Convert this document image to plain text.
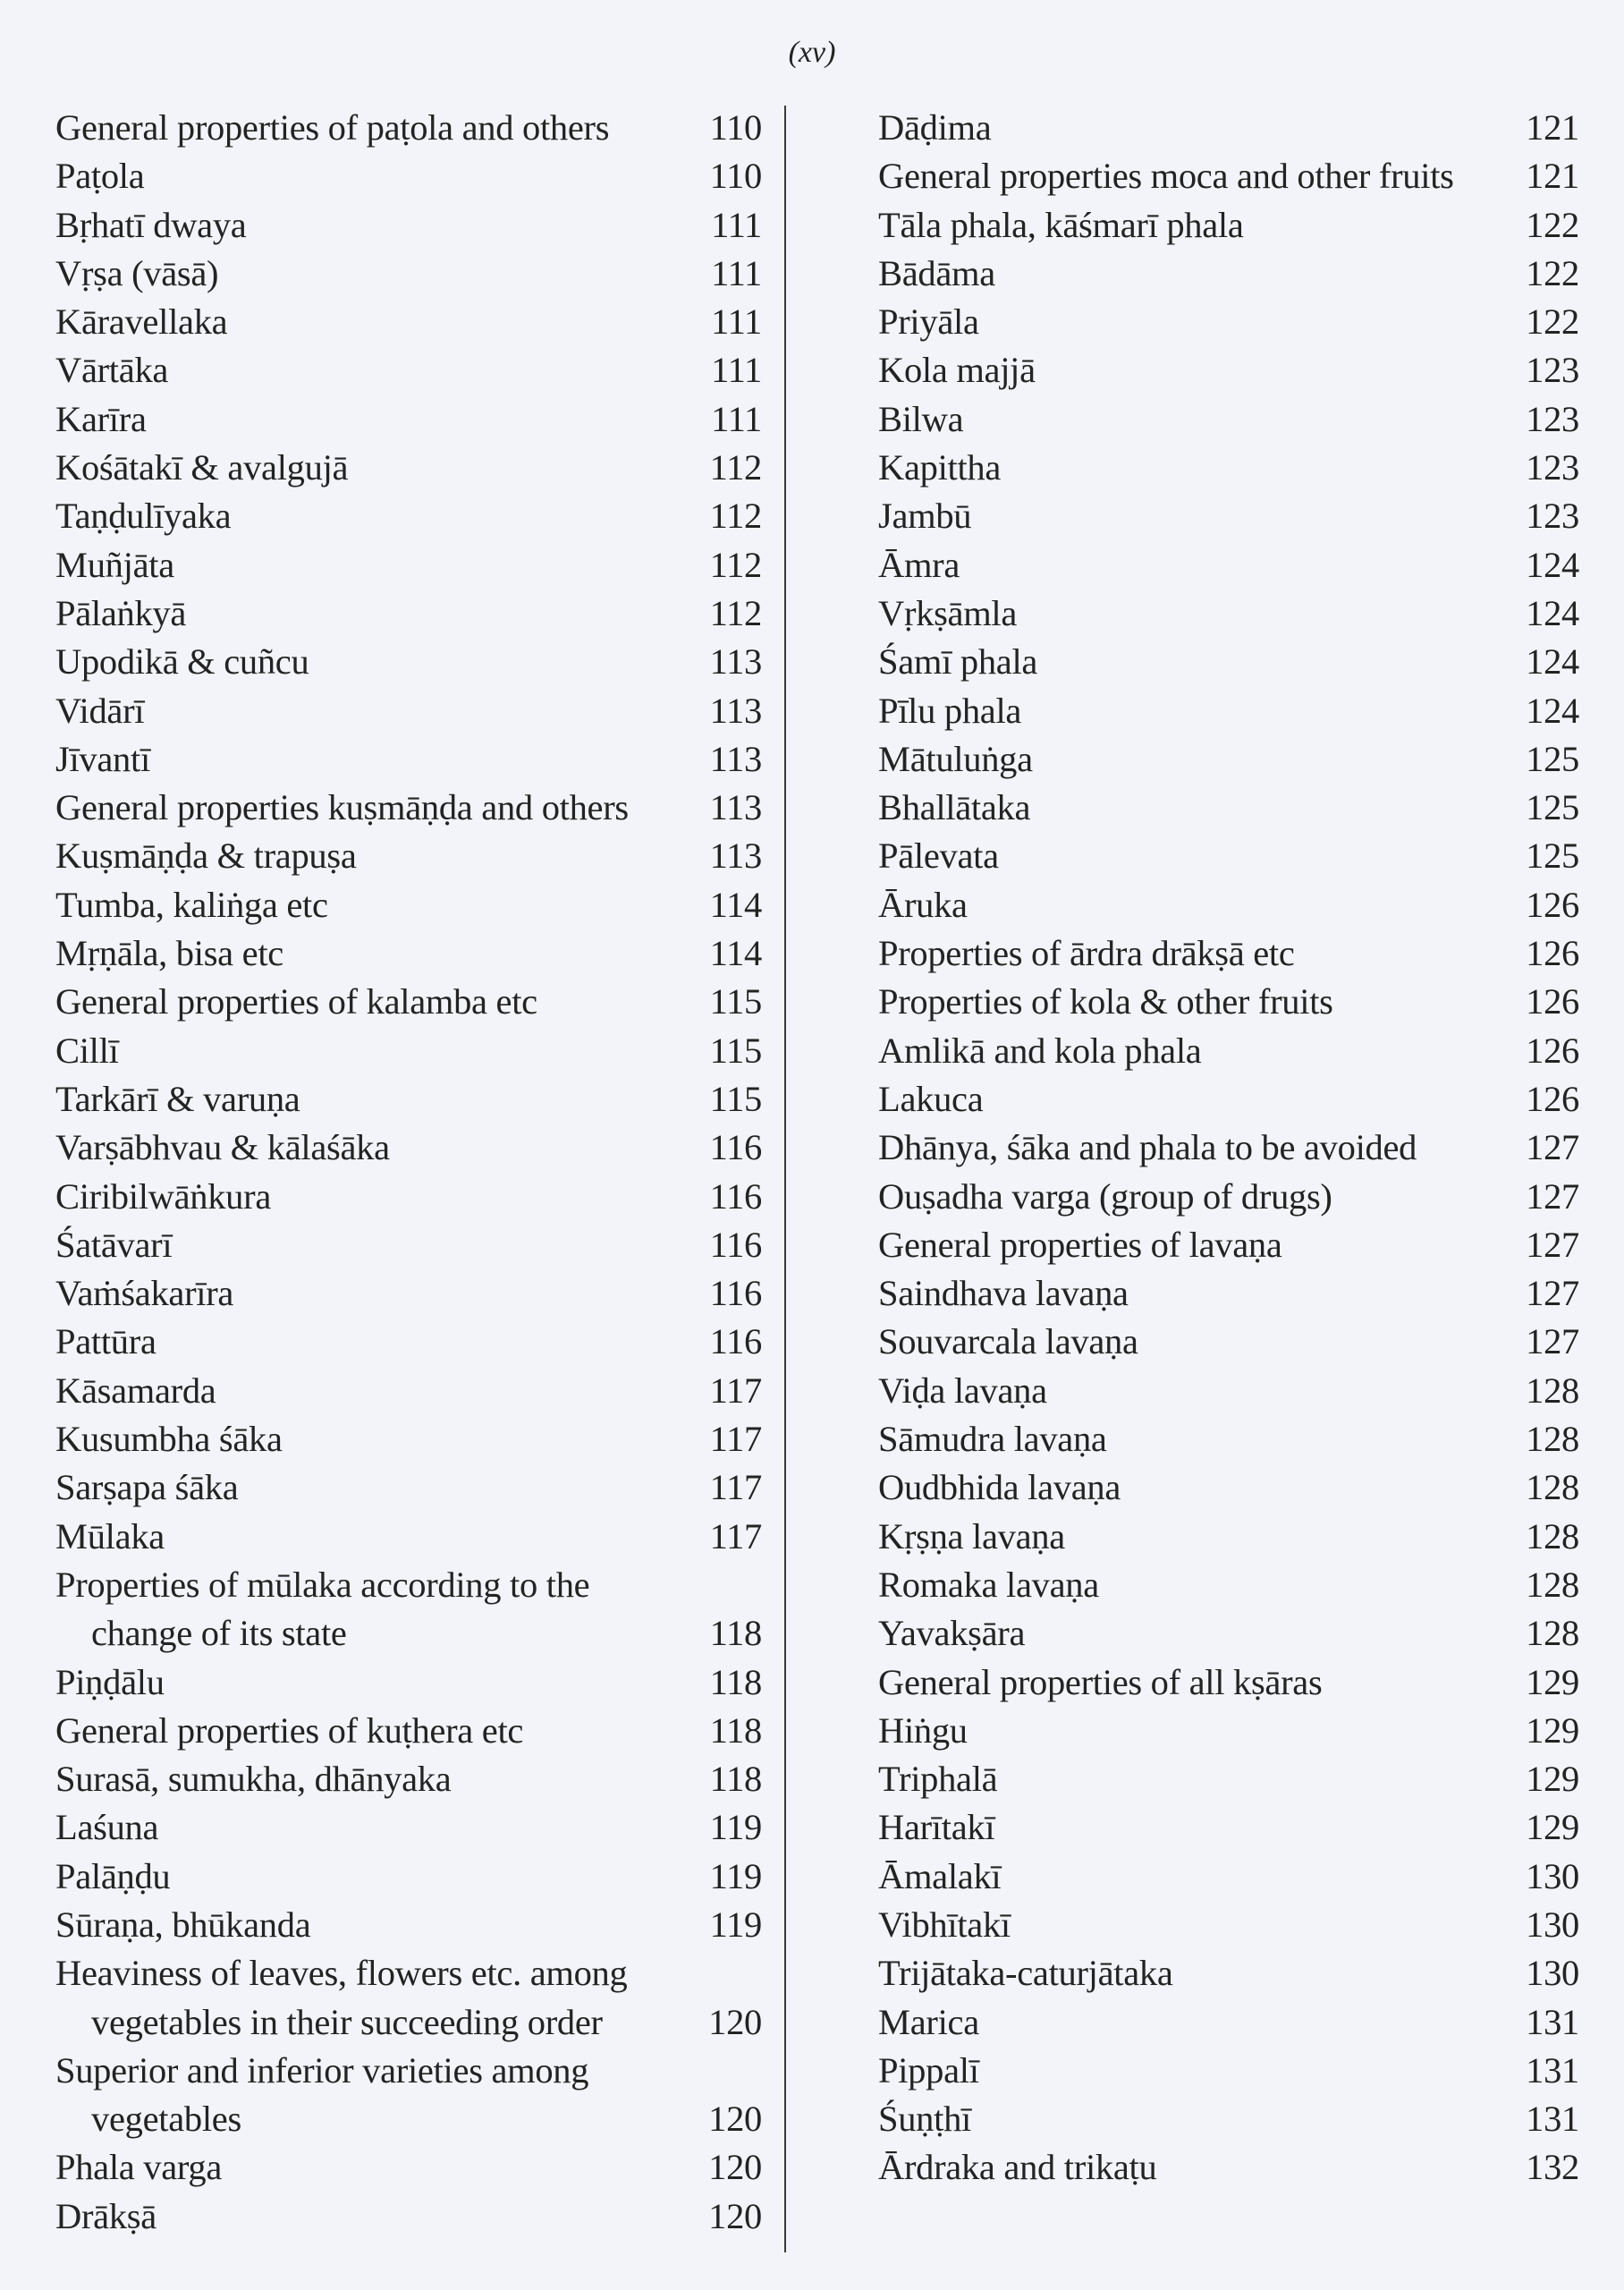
(xv)
General properties of paṭola and others	110
Paṭola	110
Bṛhatī dwaya	111
Vṛṣa (vāsā)	111
Kāravellaka	111
Vārtāka	111
Karīra	111
Kośātakī & avalgujā	112
Taṇḍulīyaka	112
Muñjāta	112
Pālaṅkyā	112
Upodikā & cuñcu	113
Vidārī	113
Jīvantī	113
General properties kuṣmāṇḍa and others	113
Kuṣmāṇḍa & trapuṣa	113
Tumba, kaliṅga etc	114
Mṛṇāla, bisa etc	114
General properties of kalamba etc	115
Cillī	115
Tarkārī & varuṇa	115
Varṣābhvau & kālaśāka	116
Ciribilwāṅkura	116
Śatāvarī	116
Vaṁśakarīra	116
Pattūra	116
Kāsamarda	117
Kusumbha śāka	117
Sarṣapa śāka	117
Mūlaka	117
Properties of mūlaka according to the change of its state	118
Piṇḍālu	118
General properties of kuṭhera etc	118
Surasā, sumukha, dhānyaka	118
Laśuna	119
Palāṇḍu	119
Sūraṇa, bhūkanda	119
Heaviness of leaves, flowers etc. among vegetables in their succeeding order	120
Superior and inferior varieties among vegetables	120
Phala varga	120
Drākṣā	120
Dāḍima	121
General properties moca and other fruits	121
Tāla phala, kāśmarī phala	122
Bādāma	122
Priyāla	122
Kola majjā	123
Bilwa	123
Kapittha	123
Jambū	123
Āmra	124
Vṛkṣāmla	124
Śamī phala	124
Pīlu phala	124
Mātuluṅga	125
Bhallātaka	125
Pālevata	125
Āruka	126
Properties of ārdra drākṣā etc	126
Properties of kola & other fruits	126
Amlikā and kola phala	126
Lakuca	126
Dhānya, śāka and phala to be avoided	127
Ouṣadha varga (group of drugs)	127
General properties of lavaṇa	127
Saindhava lavaṇa	127
Souvarcala lavaṇa	127
Viḍa lavaṇa	128
Sāmudra lavaṇa	128
Oudbhida lavaṇa	128
Kṛṣṇa lavaṇa	128
Romaka lavaṇa	128
Yavakṣāra	128
General properties of all kṣāras	129
Hiṅgu	129
Triphalā	129
Harītakī	129
Āmalakī	130
Vibhītakī	130
Trijātaka-caturjātaka	130
Marica	131
Pippalī	131
Śuṇṭhī	131
Ārdraka and trikaṭu	132
